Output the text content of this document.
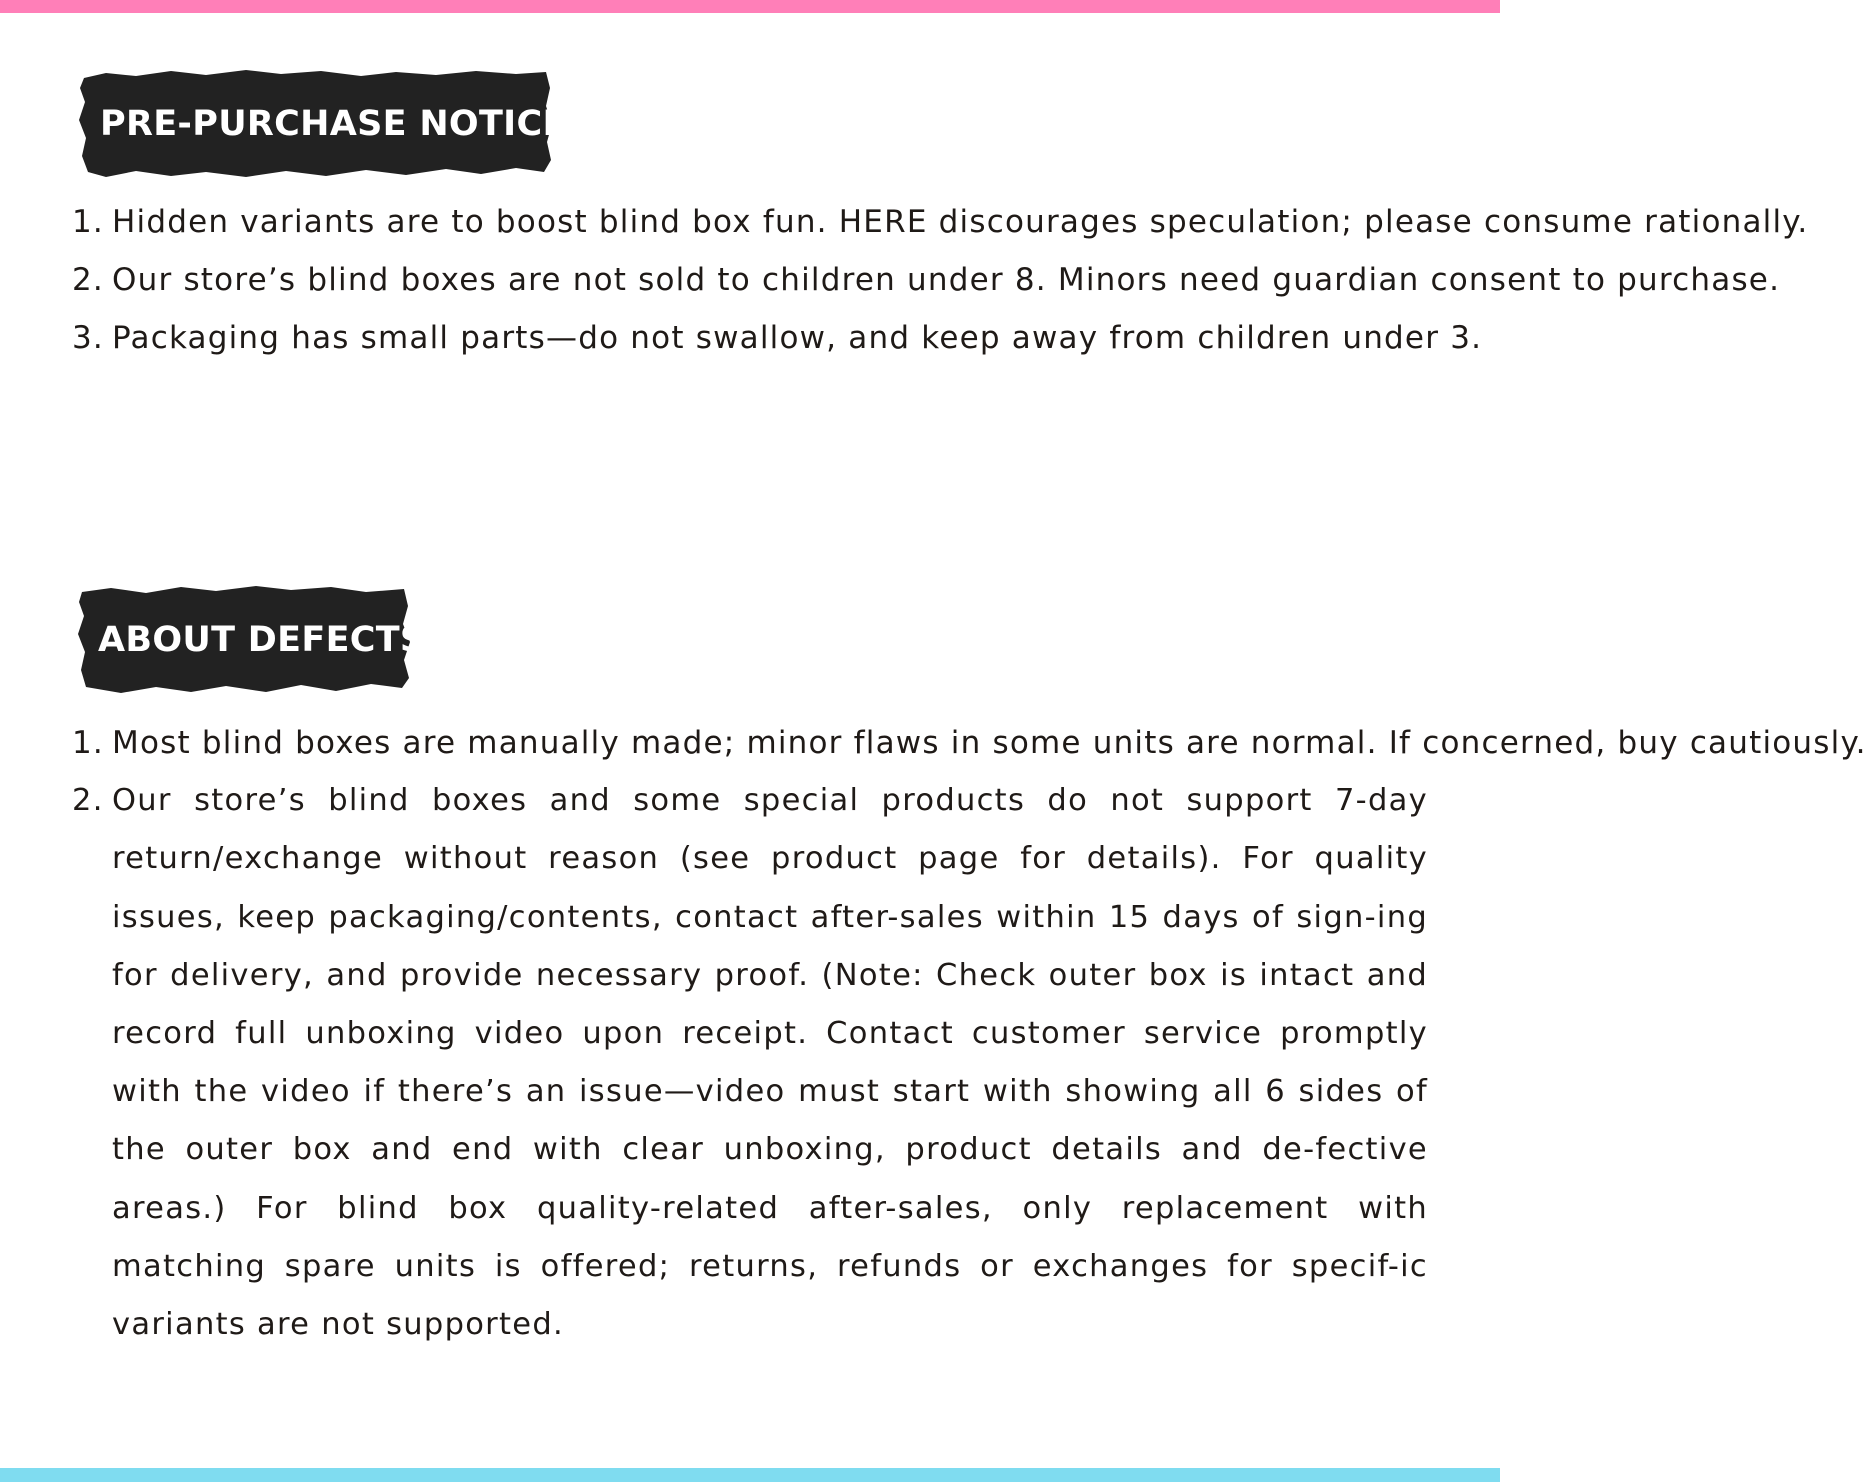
PRE-PURCHASE NOTICE
1. Hidden variants are to boost blind box fun. HERE discourages speculation; please consume rationally.
2. Our store’s blind boxes are not sold to children under 8. Minors need guardian consent to purchase.
3. Packaging has small parts—do not swallow, and keep away from children under 3.
ABOUT DEFECTS
1. Most blind boxes are manually made; minor flaws in some units are normal. If concerned, buy cautiously.
2. Our store’s blind boxes and some special products do not support 7-day return/exchange without reason (see product page for details). For quality issues, keep packaging/contents, contact after-sales within 15 days of sign-ing for delivery, and provide necessary proof. (Note: Check outer box is intact and record full unboxing video upon receipt. Contact customer service promptly with the video if there’s an issue—video must start with showing all 6 sides of the outer box and end with clear unboxing, product details and de-fective areas.) For blind box quality-related after-sales, only replacement with matching spare units is offered; returns, refunds or exchanges for specif-ic variants are not supported.
